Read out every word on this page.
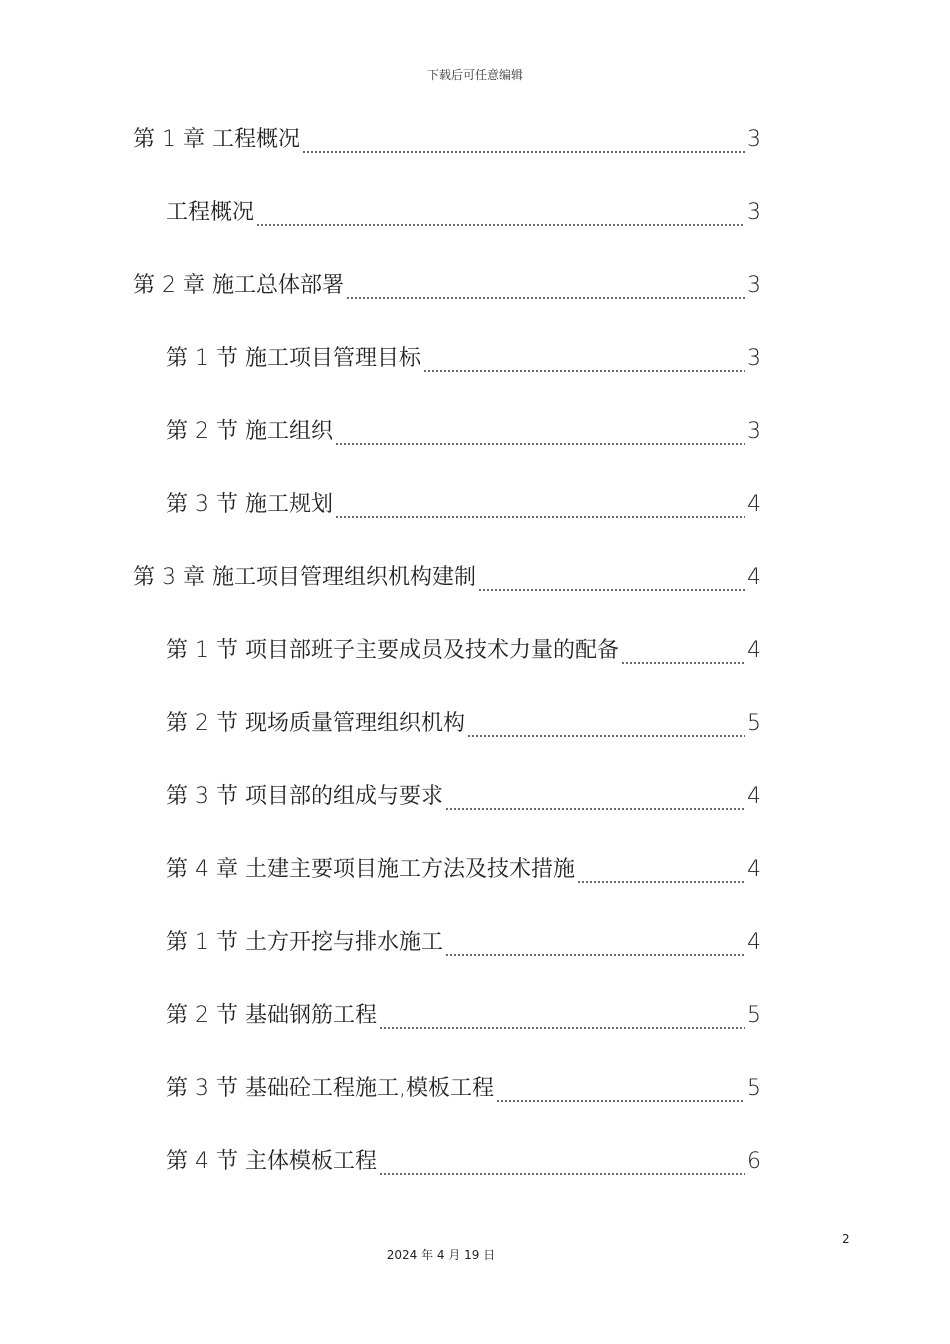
下载后可任意编辑
第 1 章 工程概况	3
工程概况	3
第 2 章 施工总体部署	3
第 1 节 施工项目管理目标	3
第 2 节 施工组织	3
第 3 节 施工规划	4
第 3 章 施工项目管理组织机构建制	4
第 1 节 项目部班子主要成员及技术力量的配备	4
第 2 节 现场质量管理组织机构	5
第 3 节 项目部的组成与要求	4
第 4 章 土建主要项目施工方法及技术措施	4
第 1 节 土方开挖与排水施工	4
第 2 节 基础钢筋工程	5
第 3 节 基础砼工程施工,模板工程	5
第 4 节 主体模板工程	6
2
2024 年 4 月 19 日
